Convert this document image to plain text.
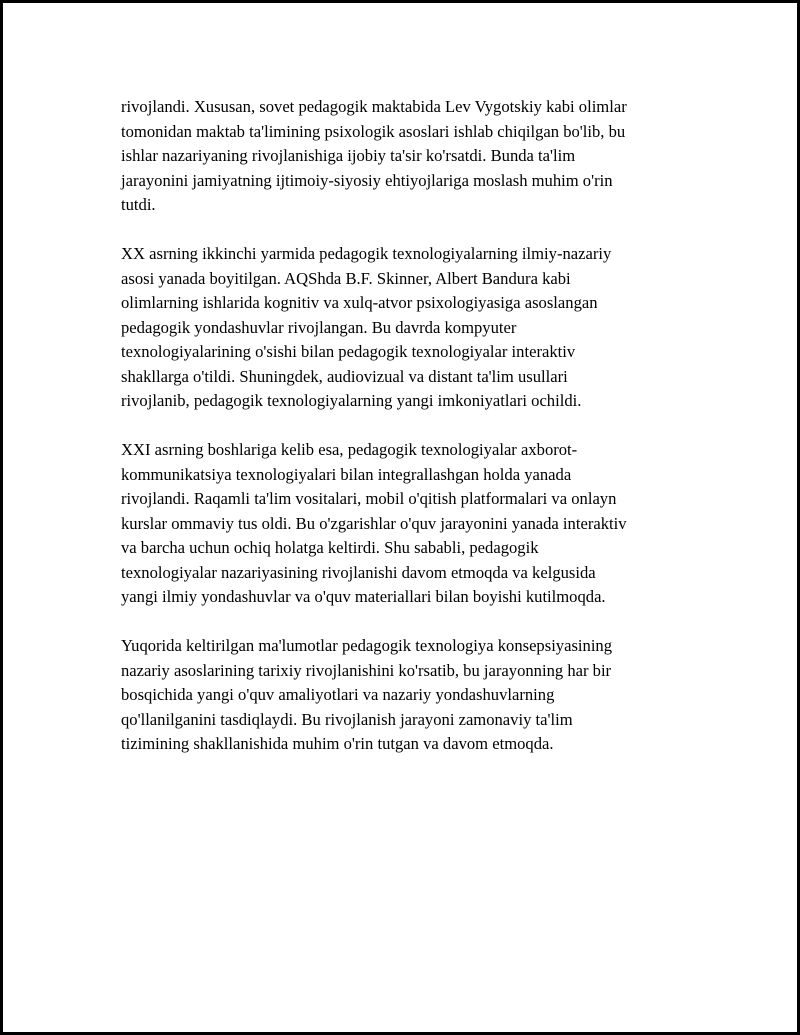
rivojlandi. Xususan, sovet pedagogik maktabida Lev Vygotskiy kabi olimlar
tomonidan maktab ta'limining psixologik asoslari ishlab chiqilgan bo'lib, bu
ishlar nazariyaning rivojlanishiga ijobiy ta'sir ko'rsatdi. Bunda ta'lim
jarayonini jamiyatning ijtimoiy-siyosiy ehtiyojlariga moslash muhim o'rin
tutdi.

XX asrning ikkinchi yarmida pedagogik texnologiyalarning ilmiy-nazariy
asosi yanada boyitilgan. AQShda B.F. Skinner, Albert Bandura kabi
olimlarning ishlarida kognitiv va xulq-atvor psixologiyasiga asoslangan
pedagogik yondashuvlar rivojlangan. Bu davrda kompyuter
texnologiyalarining o'sishi bilan pedagogik texnologiyalar interaktiv
shakllarga o'tildi. Shuningdek, audiovizual va distant ta'lim usullari
rivojlanib, pedagogik texnologiyalarning yangi imkoniyatlari ochildi.

XXI asrning boshlariga kelib esa, pedagogik texnologiyalar axborot-
kommunikatsiya texnologiyalari bilan integrallashgan holda yanada
rivojlandi. Raqamli ta'lim vositalari, mobil o'qitish platformalari va onlayn
kurslar ommaviy tus oldi. Bu o'zgarishlar o'quv jarayonini yanada interaktiv
va barcha uchun ochiq holatga keltirdi. Shu sababli, pedagogik
texnologiyalar nazariyasining rivojlanishi davom etmoqda va kelgusida
yangi ilmiy yondashuvlar va o'quv materiallari bilan boyishi kutilmoqda.

Yuqorida keltirilgan ma'lumotlar pedagogik texnologiya konsepsiyasining
nazariy asoslarining tarixiy rivojlanishini ko'rsatib, bu jarayonning har bir
bosqichida yangi o'quv amaliyotlari va nazariy yondashuvlarning
qo'llanilganini tasdiqlaydi. Bu rivojlanish jarayoni zamonaviy ta'lim
tizimining shakllanishida muhim o'rin tutgan va davom etmoqda.
